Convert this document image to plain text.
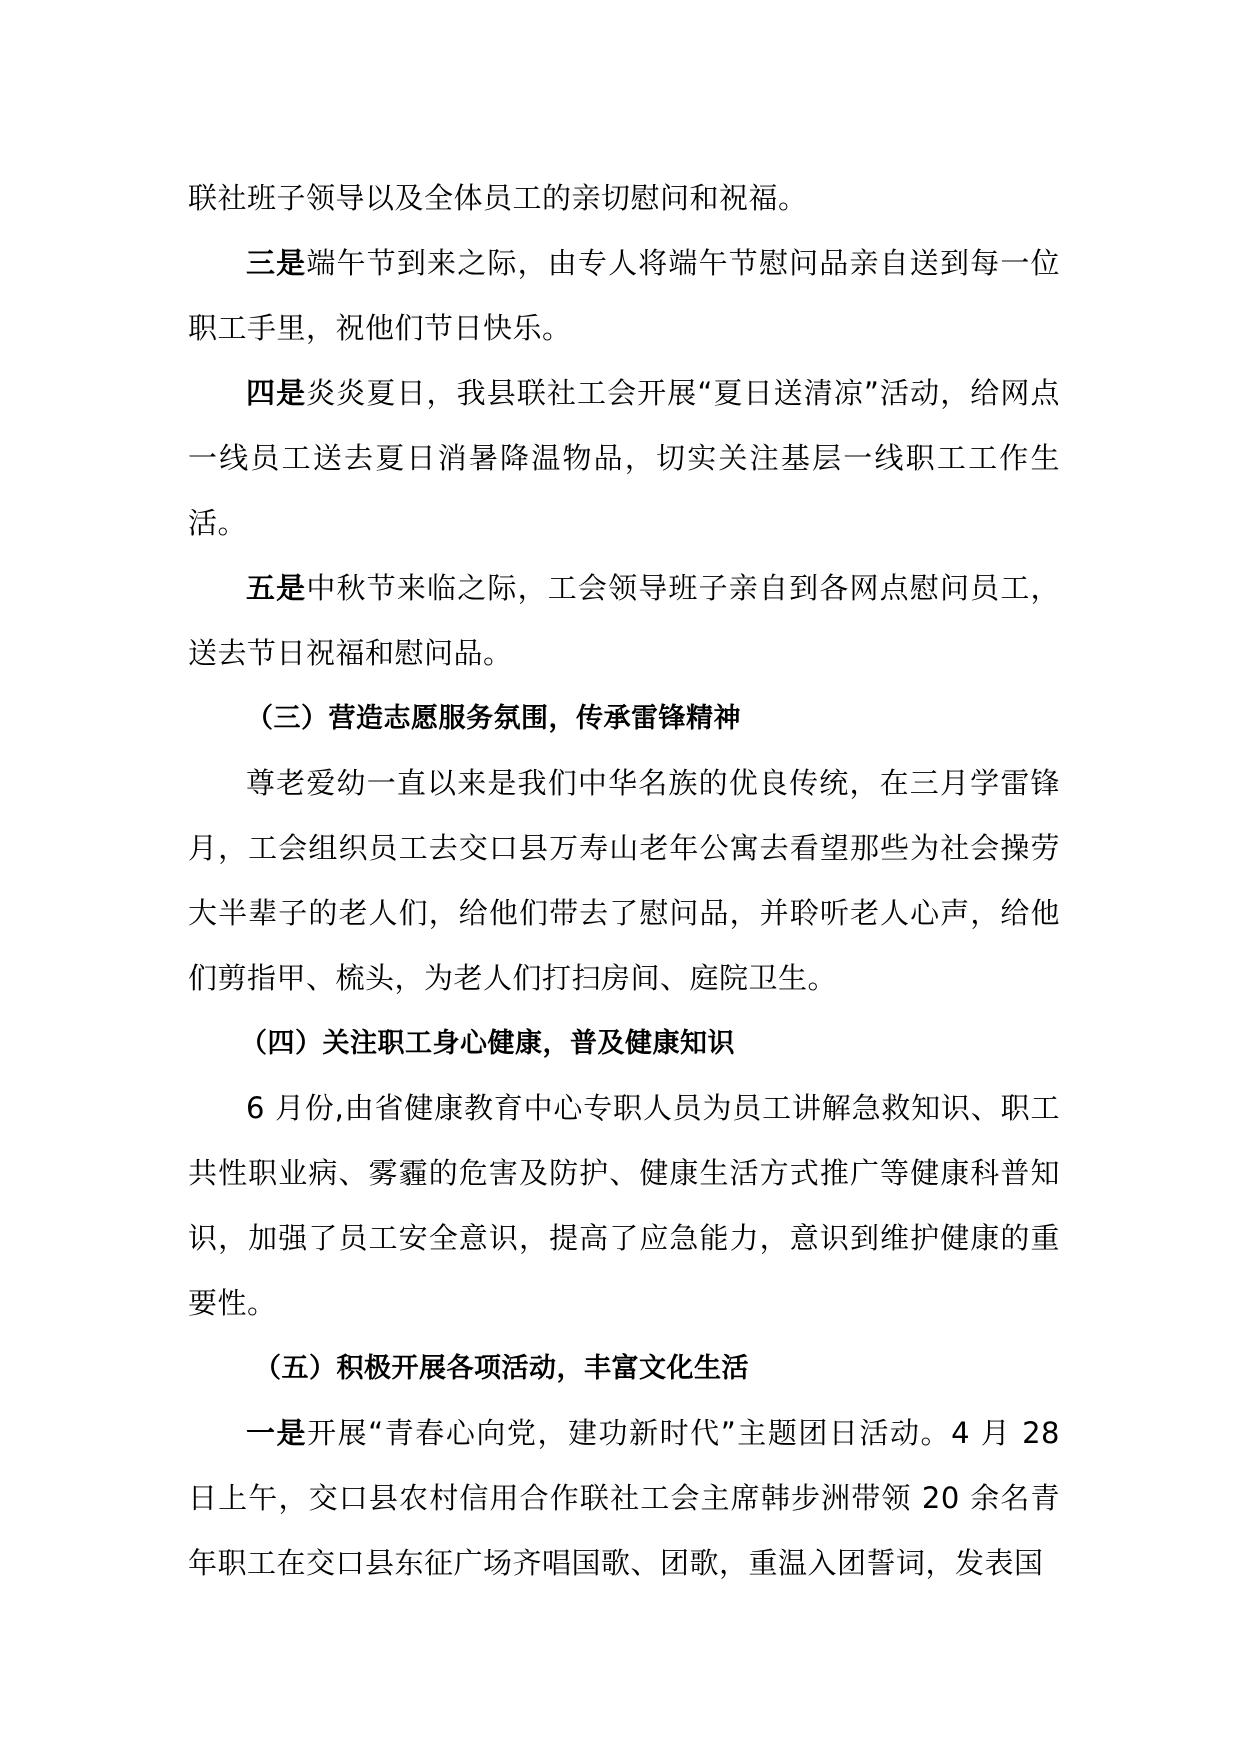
联社班子领导以及全体员工的亲切慰问和祝福。

三是端午节到来之际，由专人将端午节慰问品亲自送到每一位职工手里，祝他们节日快乐。

四是炎炎夏日，我县联社工会开展“夏日送清凉”活动，给网点一线员工送去夏日消暑降温物品，切实关注基层一线职工工作生活。

五是中秋节来临之际，工会领导班子亲自到各网点慰问员工，送去节日祝福和慰问品。

（三）营造志愿服务氛围，传承雷锋精神

尊老爱幼一直以来是我们中华名族的优良传统，在三月学雷锋月，工会组织员工去交口县万寿山老年公寓去看望那些为社会操劳大半辈子的老人们，给他们带去了慰问品，并聆听老人心声，给他们剪指甲、梳头，为老人们打扫房间、庭院卫生。

（四）关注职工身心健康，普及健康知识

6 月份,由省健康教育中心专职人员为员工讲解急救知识、职工共性职业病、雾霾的危害及防护、健康生活方式推广等健康科普知识，加强了员工安全意识，提高了应急能力，意识到维护健康的重要性。

（五）积极开展各项活动，丰富文化生活

一是开展“青春心向党，建功新时代”主题团日活动。4 月 28 日上午，交口县农村信用合作联社工会主席韩步洲带领 20 余名青年职工在交口县东征广场齐唱国歌、团歌，重温入团誓词，发表国
